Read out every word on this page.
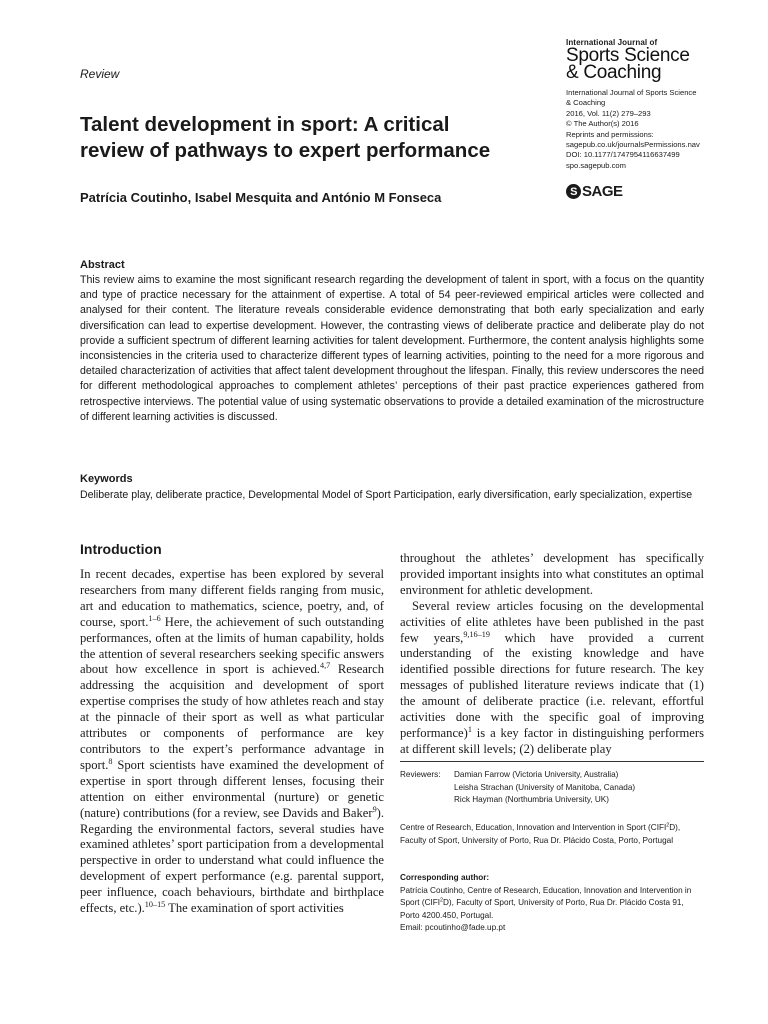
Review
International Journal of
Sports Science
& Coaching
International Journal of Sports Science
& Coaching
2016, Vol. 11(2) 279–293
© The Author(s) 2016
Reprints and permissions:
sagepub.co.uk/journalsPermissions.nav
DOI: 10.1177/1747954116637499
spo.sagepub.com
S SAGE
Talent development in sport: A critical
review of pathways to expert performance
Patrícia Coutinho, Isabel Mesquita and António M Fonseca
Abstract

This review aims to examine the most significant research regarding the development of talent in sport, with a focus on the quantity and type of practice necessary for the attainment of expertise. A total of 54 peer-reviewed empirical articles were collected and analysed for their content. The literature reveals considerable evidence demonstrating that both early specialization and early diversification can lead to expertise development. However, the contrasting views of deliberate practice and deliberate play do not provide a sufficient spectrum of different learning activities for talent development. Furthermore, the content analysis highlights some inconsistencies in the criteria used to characterize different types of learning activities, pointing to the need for a more rigorous and detailed characterization of activities that affect talent development throughout the lifespan. Finally, this review underscores the need for different methodological approaches to complement athletes’ perceptions of their past practice experiences gathered from retrospective interviews. The potential value of using systematic observations to provide a detailed examination of the microstructure of different learning activities is discussed.

Keywords

Deliberate play, deliberate practice, Developmental Model of Sport Participation, early diversification, early specialization, expertise

Introduction

In recent decades, expertise has been explored by several researchers from many different fields ranging from music, art and education to mathematics, science, poetry, and, of course, sport.$^{1-6}$ Here, the achievement of such outstanding performances, often at the limits of human capability, holds the attention of several researchers seeking specific answers about how excellence in sport is achieved.$^{4,7}$ Research addressing the acquisition and development of sport expertise comprises the study of how athletes reach and stay at the pinnacle of their sport as well as what particular attributes or components of performance are key contributors to the expert’s performance advantage in sport.$^8$ Sport scientists have examined the development of expertise in sport through different lenses, focusing their attention on either environmental (nurture) or genetic (nature) contributions (for a review, see Davids and Baker$^9$). Regarding the environmental factors, several studies have examined athletes’ sport participation from a developmental perspective in order to understand what could influence the development of expert performance (e.g. parental support, peer influence, coach behaviours, birthdate and birthplace effects, etc.).$^{10-15}$ The examination of sport activities

throughout the athletes’ development has specifically provided important insights into what constitutes an optimal environment for athletic development.

Several review articles focusing on the developmental activities of elite athletes have been published in the past few years,$^{9,16-19}$ which have provided a current understanding of the existing knowledge and have identified possible directions for future research. The key messages of published literature reviews indicate that (1) the amount of deliberate practice (i.e. relevant, effortful activities done with the specific goal of improving performance)$^1$ is a key factor in distinguishing performers at different skill levels; (2) deliberate play

Reviewers:	Damian Farrow (Victoria University, Australia)
Leisha Strachan (University of Manitoba, Canada)
Rick Hayman (Northumbria University, UK)
Centre of Research, Education, Innovation and Intervention in Sport (CIFI$^2$D), Faculty of Sport, University of Porto, Rua Dr. Plácido Costa, Porto, Portugal
Corresponding author:
Patrícia Coutinho, Centre of Research, Education, Innovation and Intervention in Sport (CIFI$^2$D), Faculty of Sport, University of Porto, Rua Dr. Plácido Costa 91, Porto 4200.450, Portugal.
Email: pcoutinho@fade.up.pt
